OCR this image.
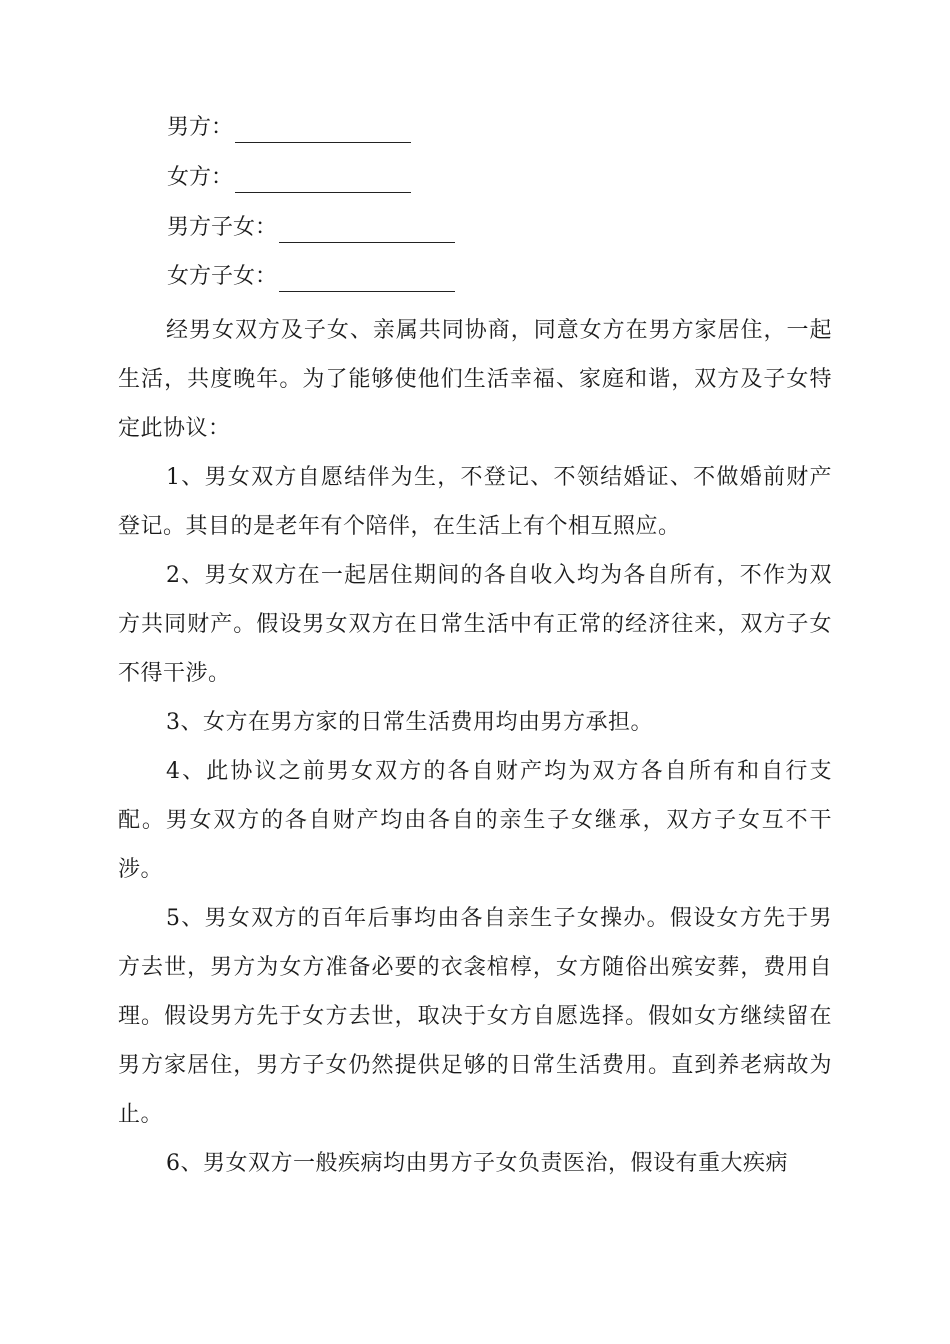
男方：
女方：
男方子女：
女方子女：

经男女双方及子女、亲属共同协商，同意女方在男方家居住，一起生活，共度晚年。为了能够使他们生活幸福、家庭和谐，双方及子女特定此协议：

1、男女双方自愿结伴为生，不登记、不领结婚证、不做婚前财产登记。其目的是老年有个陪伴，在生活上有个相互照应。

2、男女双方在一起居住期间的各自收入均为各自所有，不作为双方共同财产。假设男女双方在日常生活中有正常的经济往来，双方子女不得干涉。

3、女方在男方家的日常生活费用均由男方承担。

4、此协议之前男女双方的各自财产均为双方各自所有和自行支配。男女双方的各自财产均由各自的亲生子女继承，双方子女互不干涉。

5、男女双方的百年后事均由各自亲生子女操办。假设女方先于男方去世，男方为女方准备必要的衣衾棺椁，女方随俗出殡安葬，费用自理。假设男方先于女方去世，取决于女方自愿选择。假如女方继续留在男方家居住，男方子女仍然提供足够的日常生活费用。直到养老病故为止。

6、男女双方一般疾病均由男方子女负责医治，假设有重大疾病
